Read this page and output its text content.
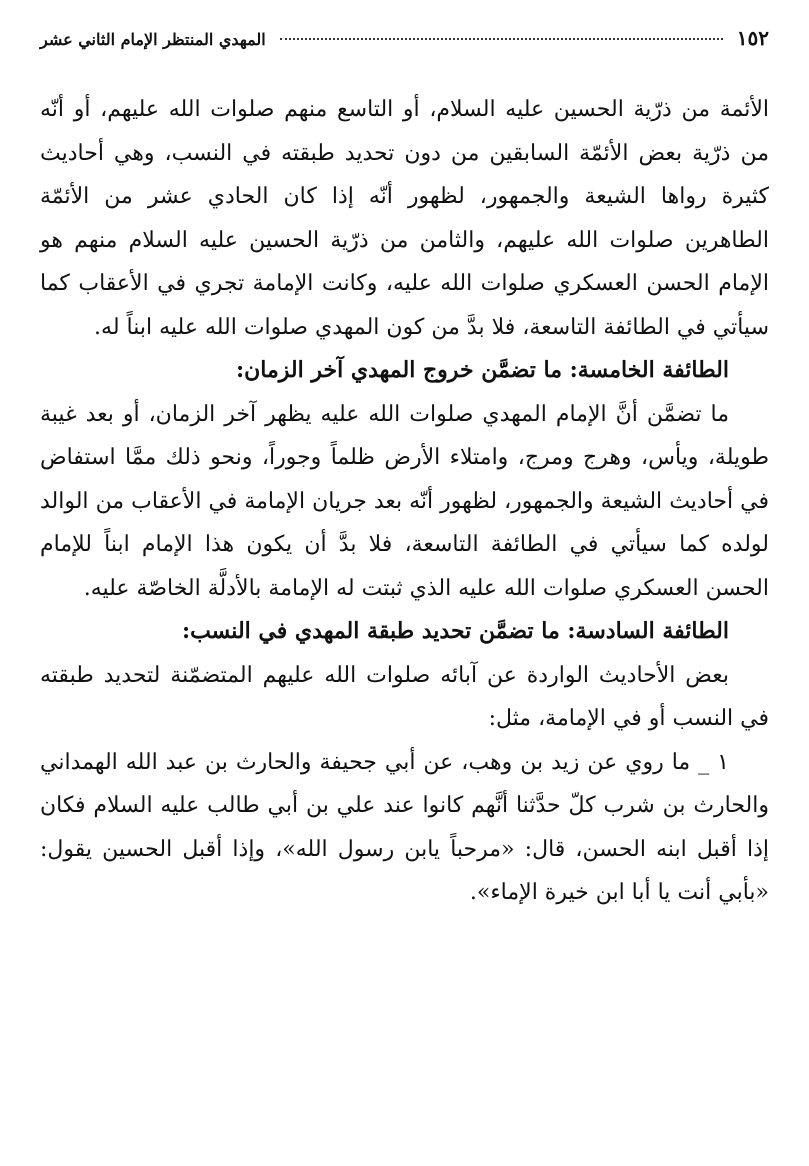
١٥٢
المهدي المنتظر الإمام الثاني عشر

الأئمة من ذرّية الحسين عليه السلام، أو التاسع منهم صلوات الله عليهم، أو أنّه من ذرّية بعض الأئمّة السابقين من دون تحديد طبقته في النسب، وهي أحاديث كثيرة رواها الشيعة والجمهور، لظهور أنّه إذا كان الحادي عشر من الأئمّة الطاهرين صلوات الله عليهم، والثامن من ذرّية الحسين عليه السلام منهم هو الإمام الحسن العسكري صلوات الله عليه، وكانت الإمامة تجري في الأعقاب كما سيأتي في الطائفة التاسعة، فلا بدَّ من كون المهدي صلوات الله عليه ابناً له.

الطائفة الخامسة: ما تضمَّن خروج المهدي آخر الزمان:

ما تضمَّن أنَّ الإمام المهدي صلوات الله عليه يظهر آخر الزمان، أو بعد غيبة طويلة، ويأس، وهرج ومرج، وامتلاء الأرض ظلماً وجوراً، ونحو ذلك ممَّا استفاض في أحاديث الشيعة والجمهور، لظهور أنّه بعد جريان الإمامة في الأعقاب من الوالد لولده كما سيأتي في الطائفة التاسعة، فلا بدَّ أن يكون هذا الإمام ابناً للإمام الحسن العسكري صلوات الله عليه الذي ثبتت له الإمامة بالأدلَّة الخاصّة عليه.

الطائفة السادسة: ما تضمَّن تحديد طبقة المهدي في النسب:

بعض الأحاديث الواردة عن آبائه صلوات الله عليهم المتضمّنة لتحديد طبقته في النسب أو في الإمامة، مثل:

١ _ ما روي عن زيد بن وهب، عن أبي جحيفة والحارث بن عبد الله الهمداني والحارث بن شرب كلّ حدَّثنا أنَّهم كانوا عند علي بن أبي طالب عليه السلام فكان إذا أقبل ابنه الحسن، قال: «مرحباً يابن رسول الله»، وإذا أقبل الحسين يقول: «بأبي أنت يا أبا ابن خيرة الإماء».
